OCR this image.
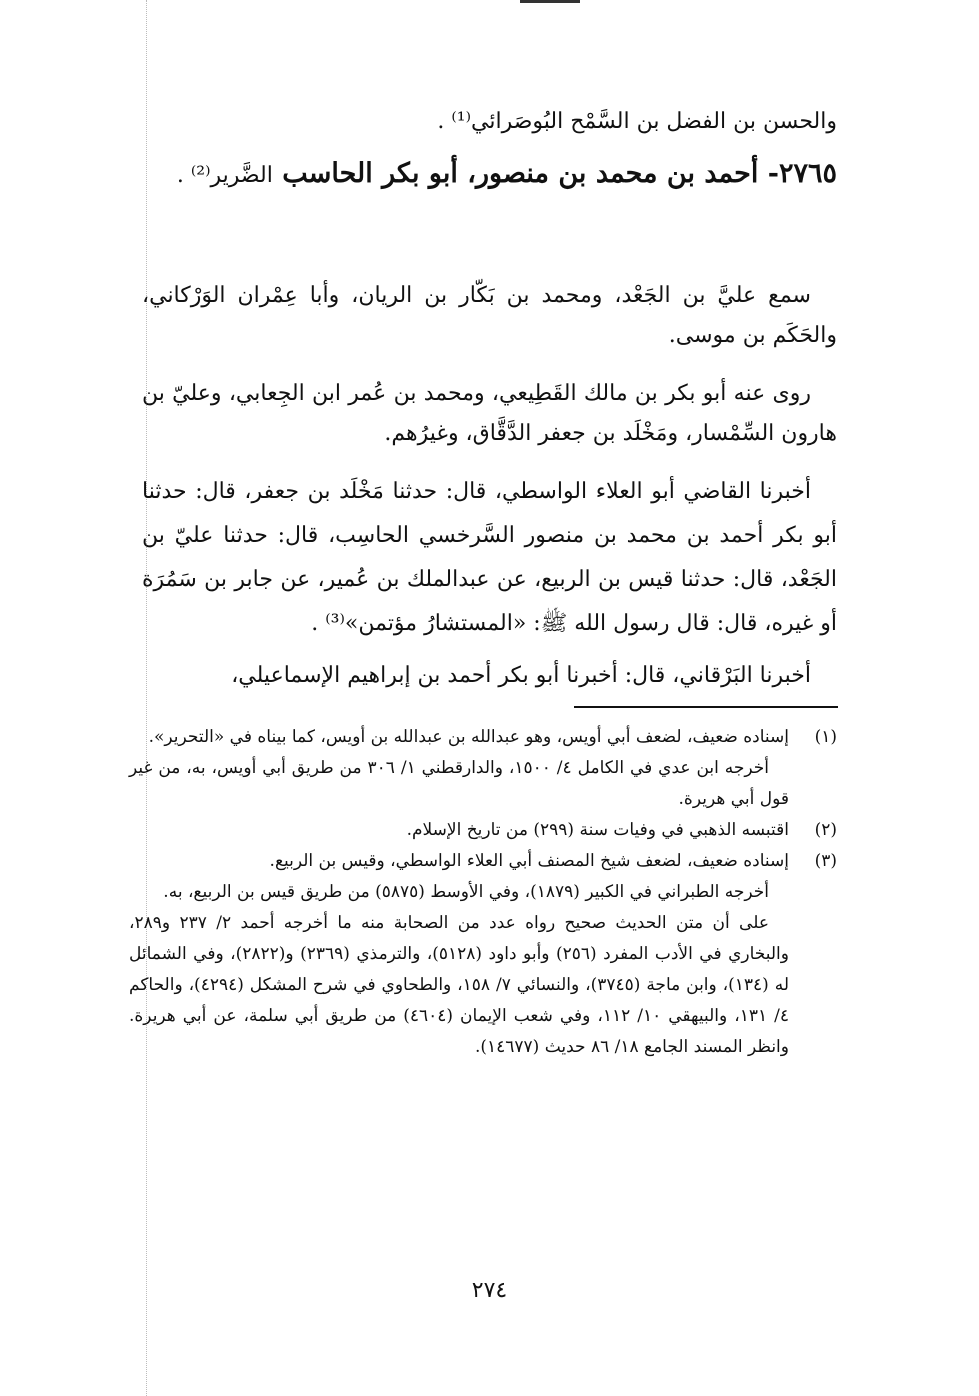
والحسن بن الفضل بن السَّمْح البُوصَرائي⁽¹⁾ .
٢٧٦٥- أحمد بن محمد بن منصور، أبو بكر الحاسب الضَّرير⁽²⁾ .
سمع عليَّ بن الجَعْد، ومحمد بن بَكّار بن الريان، وأبا عِمْران الوَرْكاني، والحَكَم بن موسى.
روى عنه أبو بكر بن مالك القَطِيعي، ومحمد بن عُمر ابن الجِعابي، وعليّ بن هارون السِّمْسار، ومَخْلَد بن جعفر الدَّقَّاق، وغيرُهم.
أخبرنا القاضي أبو العلاء الواسطي، قال: حدثنا مَخْلَد بن جعفر، قال: حدثنا أبو بكر أحمد بن محمد بن منصور السَّرخسي الحاسِب، قال: حدثنا عليّ بن الجَعْد، قال: حدثنا قيس بن الربيع، عن عبدالملك بن عُمير، عن جابر بن سَمُرَة أو غيره، قال: قال رسول الله ﷺ: «المستشارُ مؤتمن»⁽³⁾ .
أخبرنا البَرْقاني، قال: أخبرنا أبو بكر أحمد بن إبراهيم الإسماعيلي،
(١)

إسناده ضعيف، لضعف أبي أويس، وهو عبدالله بن عبدالله بن أويس، كما بيناه في «التحرير».

أخرجه ابن عدي في الكامل ٤/ ١٥٠٠، والدارقطني ١/ ٣٠٦ من طريق أبي أويس، به، من غير قول أبي هريرة.

(٢)

اقتبسه الذهبي في وفيات سنة (٢٩٩) من تاريخ الإسلام.

(٣)

إسناده ضعيف، لضعف شيخ المصنف أبي العلاء الواسطي، وقيس بن الربيع.

أخرجه الطبراني في الكبير (١٨٧٩)، وفي الأوسط (٥٨٧٥) من طريق قيس بن الربيع، به.

على أن متن الحديث صحيح رواه عدد من الصحابة منه ما أخرجه أحمد ٢/ ٢٣٧ و٢٨٩، والبخاري في الأدب المفرد (٢٥٦) وأبو داود (٥١٢٨)، والترمذي (٢٣٦٩) و(٢٨٢٢)، وفي الشمائل له (١٣٤)، وابن ماجة (٣٧٤٥)، والنسائي ٧/ ١٥٨، والطحاوي في شرح المشكل (٤٢٩٤)، والحاكم ٤/ ١٣١، والبيهقي ١٠/ ١١٢، وفي شعب الإيمان (٤٦٠٤) من طريق أبي سلمة، عن أبي هريرة. وانظر المسند الجامع ١٨/ ٨٦ حديث (١٤٦٧٧).

٢٧٤
